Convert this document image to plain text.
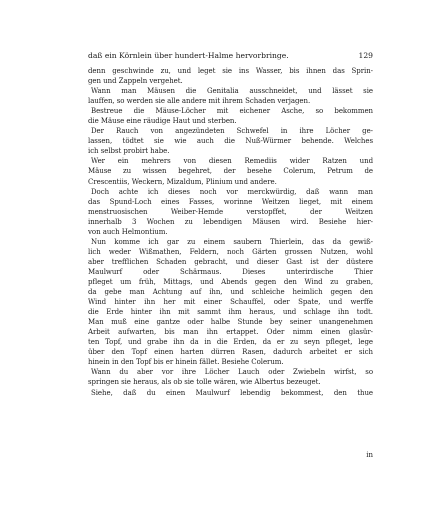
daß ein Körnlein über hundert-Halme hervorbringe.	129
denn geschwinde zu, und leget sie ins Wasser, bis ihnen das Sprin-
gen und Zappeln vergehet.
Wann man Mäusen die Genitalia ausschneidet, und lässet sie
lauffen, so werden sie alle andere mit ihrem Schaden verjagen.
Bestreue die Mäuse-Löcher mit eichener Asche, so bekommen
die Mäuse eine räudige Haut und sterben.
Der Rauch von angezündeten Schwefel in ihre Löcher ge-
lassen, tödtet sie wie auch die Nuß-Würmer behende. Welches
ich selbst probirt habe.
Wer ein mehrers von diesen Remediis wider Ratzen und
Mäuse zu wissen begehret, der besehe Colerum, Petrum de
Crescentiis, Weckern, Mizaldum, Plinium und andere.
Doch achte ich dieses noch vor merckwürdig, daß wann man
das Spund-Loch eines Fasses, worinne Weitzen lieget, mit einem
menstruosischen Weiber-Hemde verstopffet, der Weitzen
innerhalb 3 Wochen zu lebendigen Mäusen wird. Besiehe hier-
von auch Helmontium.
Nun komme ich gar zu einem saubern Thierlein, das da gewiß-
lich weder Wißmathen, Feldern, noch Gärten grossen Nutzen, wohl
aber trefflichen Schaden gebracht, und dieser Gast ist der düstere
Maulwurf oder Schärmaus. Dieses unterirdische Thier
pfleget um früh, Mittags, und Abends gegen den Wind zu graben,
da gebe man Achtung auf ihn, und schleiche heimlich gegen den
Wind hinter ihn her mit einer Schauffel, oder Spate, und werffe
die Erde hinter ihn mit sammt ihm heraus, und schlage ihn todt.
Man muß eine gantze oder halbe Stunde bey seiner unangenehmen
Arbeit aufwarten, bis man ihn ertappet. Oder nimm einen glasür-
ten Topf, und grabe ihn da in die Erden, da er zu seyn pfleget, lege
über den Topf einen harten dürren Rasen, dadurch arbeitet er sich
hinein in den Topf bis er hinein fället. Besiehe Colerum.
Wann du aber vor ihre Löcher Lauch oder Zwiebeln wirfst, so
springen sie heraus, als ob sie tolle wären, wie Albertus bezeuget.
Siehe, daß du einen Maulwurf lebendig bekommest, den thue
in
